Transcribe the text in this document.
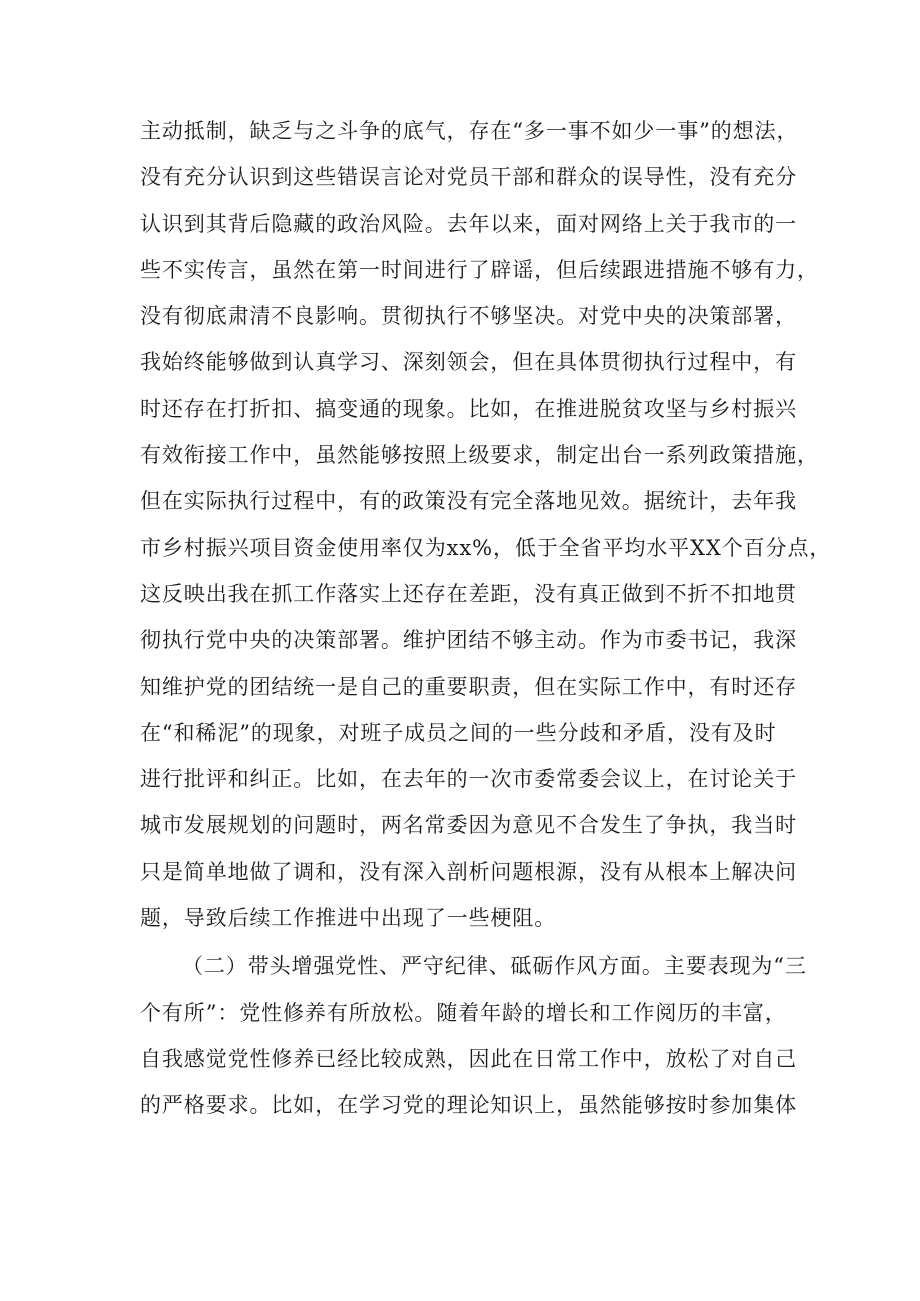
主动抵制，缺乏与之斗争的底气，存在“多一事不如少一事”的想法，
没有充分认识到这些错误言论对党员干部和群众的误导性，没有充分
认识到其背后隐藏的政治风险。去年以来，面对网络上关于我市的一
些不实传言，虽然在第一时间进行了辟谣，但后续跟进措施不够有力，
没有彻底肃清不良影响。贯彻执行不够坚决。对党中央的决策部署，
我始终能够做到认真学习、深刻领会，但在具体贯彻执行过程中，有
时还存在打折扣、搞变通的现象。比如，在推进脱贫攻坚与乡村振兴
有效衔接工作中，虽然能够按照上级要求，制定出台一系列政策措施，
但在实际执行过程中，有的政策没有完全落地见效。据统计，去年我
市乡村振兴项目资金使用率仅为xx%，低于全省平均水平XX个百分点，
这反映出我在抓工作落实上还存在差距，没有真正做到不折不扣地贯
彻执行党中央的决策部署。维护团结不够主动。作为市委书记，我深
知维护党的团结统一是自己的重要职责，但在实际工作中，有时还存
在“和稀泥”的现象，对班子成员之间的一些分歧和矛盾，没有及时
进行批评和纠正。比如，在去年的一次市委常委会议上，在讨论关于
城市发展规划的问题时，两名常委因为意见不合发生了争执，我当时
只是简单地做了调和，没有深入剖析问题根源，没有从根本上解决问
题，导致后续工作推进中出现了一些梗阻。
（二）带头增强党性、严守纪律、砥砺作风方面。主要表现为“三
个有所”：党性修养有所放松。随着年龄的增长和工作阅历的丰富，
自我感觉党性修养已经比较成熟，因此在日常工作中，放松了对自己
的严格要求。比如，在学习党的理论知识上，虽然能够按时参加集体
